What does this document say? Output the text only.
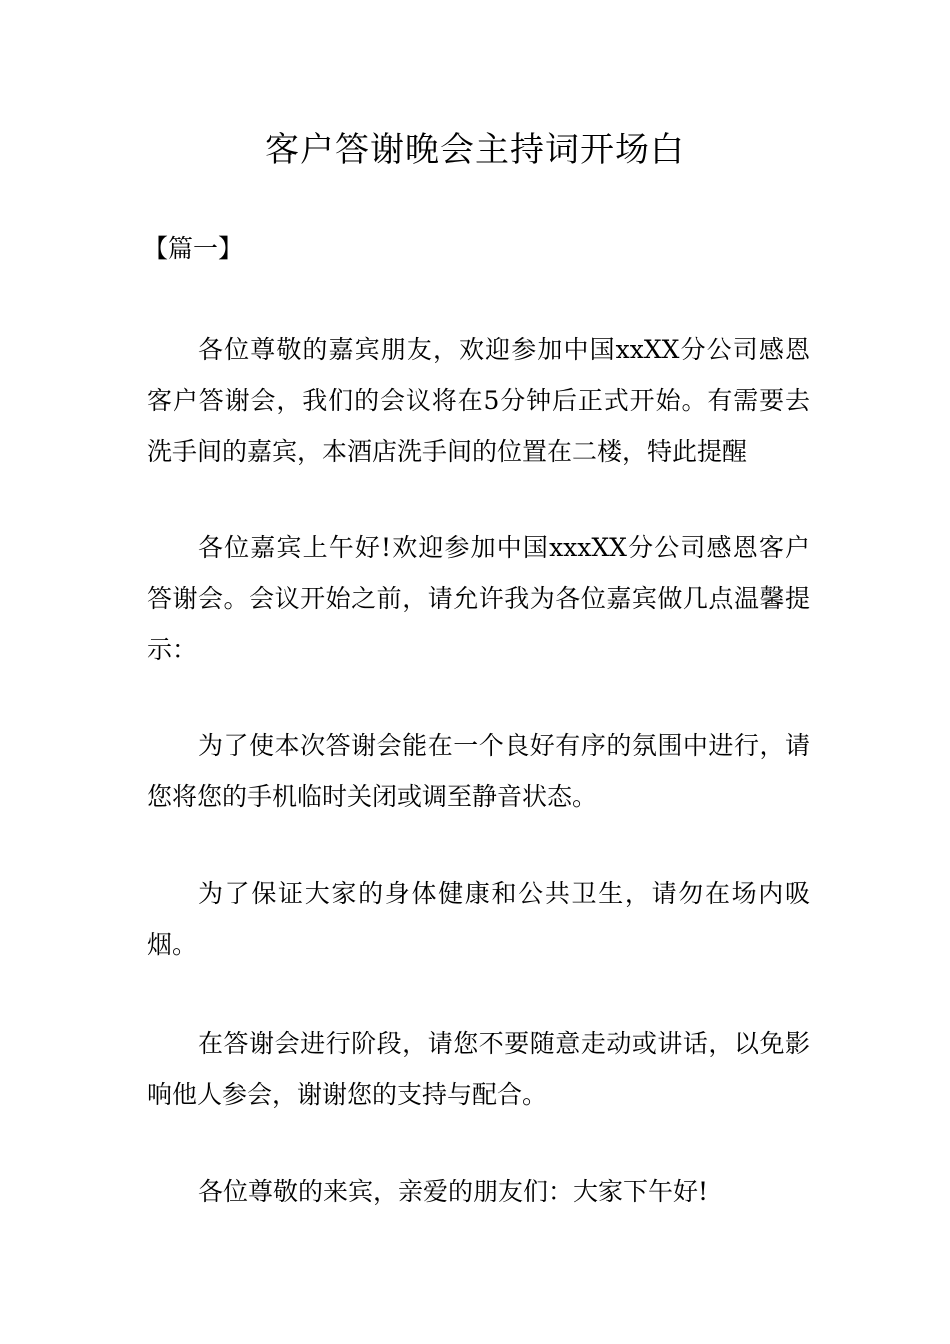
客户答谢晚会主持词开场白
【篇一】

各位尊敬的嘉宾朋友，欢迎参加中国xxXX分公司感恩客户答谢会，我们的会议将在5分钟后正式开始。有需要去洗手间的嘉宾，本酒店洗手间的位置在二楼，特此提醒

各位嘉宾上午好!欢迎参加中国xxxXX分公司感恩客户答谢会。会议开始之前，请允许我为各位嘉宾做几点温馨提示：

为了使本次答谢会能在一个良好有序的氛围中进行，请您将您的手机临时关闭或调至静音状态。

为了保证大家的身体健康和公共卫生，请勿在场内吸烟。

在答谢会进行阶段，请您不要随意走动或讲话，以免影响他人参会，谢谢您的支持与配合。

各位尊敬的来宾，亲爱的朋友们：大家下午好!
